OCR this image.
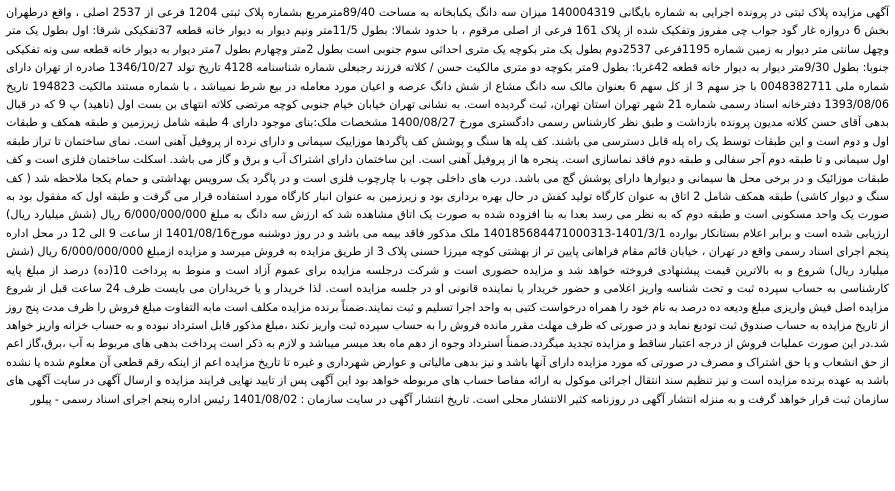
آگهی مزایده پلاک ثبتی در پرونده اجرایی به شماره بایگانی 140004319 میزان سه دانگ یکبابخانه به مساحت 89/40مترمربع بشماره پلاک ثبتی 1204 فرعی از 2537 اصلی ، واقع درطهران بخش 6 دروازه غار گود جواب چی مفروز وتفکیک شده از پلاک 161 فرعی از اصلی مرقوم ، با حدود شمالا: بطول 11/5متر ونیم دیوار به دیوار خانه قطعه 37تفکیکی شرقا: اول بطول یک متر وچهل سانتی متر دیوار به زمین شماره 1195فرعی 2537دوم بطول یک متر بکوچه یک متری احداثی سوم جنوبی است بطول 2متر وچهارم بطول 7متر دیوار به دیوار خانه قطعه سی ونه تفکیکی جنوبا: بطول 9/30متر دیوار به دیوار خانه قطعه 42غربا: بطول 9متر بکوچه دو متری مالکیت حسن / کلاته فرزند رجبعلی شماره شناسنامه 4128 تاریخ تولد 1346/10/27 صادره از تهران دارای شماره ملی 0048382711 با جز سهم 3 از کل سهم 6 بعنوان مالک سه دانگ مشاع از شش دانگ عرصه و اعیان مورد معامله در بیع شرط نمیباشد ، با شماره مستند مالکیت 194823 تاریخ 1393/08/06 دفترخانه اسناد رسمی شماره 21 شهر تهران استان تهران، ثبت گردیده است. به نشانی تهران خیابان خیام جنوبی کوچه مرتضی کلاته انتهای بن بست اول (ناهید) پ 9 که در قبال بدهی آقای حسن کلاته مدیون پرونده بازداشت و طبق نظر کارشناس رسمی دادگستری مورخ 1400/08/27 مشخصات ملک:بنای موجود دارای 4 طبقه شامل زیرزمین و طبقه همکف و طبقات اول و دوم است و این طبقات توسط یک راه پله قابل دسترسی می باشند. کف پله ها سنگ و پوشش کف پاگردها موزاییک سیمانی و دارای نرده از پروفیل آهنی است. نمای ساختمان تا تراز طبقه اول سیمانی و تا طبقه دوم آجر سفالی و طبقه دوم فاقد نماسازی است. پنجره ها از پروفیل آهنی است. این ساختمان دارای اشتراک آب و برق و گاز می باشد. اسکلت ساختمان فلزی است و کف طبقات موزائیک و در برخی محل ها سیمانی و دیوارها دارای پوشش گچ می باشد. درب های داخلی چوب با چارچوب فلزی است و در پاگرد یک سرویس بهداشتی و حمام یکجا ملاحظه شد ( کف سنگ و دیوار کاشی) طبقه همکف شامل 2 اتاق به عنوان کارگاه تولید کفش در حال بهره برداری بود و زیرزمین به عنوان انبار کارگاه مورد استفاده قرار می گرفت و طبقه اول که مفقول بود به صورت یک واحد مسکونی است و طبقه دوم که به نظر می رسد بعدا به بنا افزوده شده به صورت یک اتاق مشاهده شد که ارزش سه دانگ به مبلغ 6/000/000/000 ریال (شش میلیارد ریال) ارزیابی شده است و برابر اعلام بستانکار بوارده 1401/3/1-140185684471000313 ملک مذکور فاقد بیمه می باشد و در روز دوشنبه مورخ1401/08/16 از ساعت 9 الی 12 در محل اداره پنجم اجرای اسناد رسمی واقع در تهران ، خیابان قائم مقام فراهانی پایین تر از بهشتی کوچه میرزا حسنی پلاک 3 از طریق مزایده به فروش میرسد و مزایده ازمبلغ 6/000/000/000 ریال (شش میلیارد ریال) شروع و به بالاترین قیمت پیشنهادی فروخته خواهد شد و مزایده حضوری است و شرکت درجلسه مزایده برای عموم آزاد است و منوط به پرداخت 10(ده) درصد از مبلغ پایه کارشناسی به حساب سپرده ثبت و تحت شناسه واریز اعلامی و حضور خریدار یا نماینده قانونی او در جلسه مزایده است. لذا خریدار و یا خریداران می بایست ظرف 24 ساعت قبل از شروع مزایده اصل فیش واریزی مبلغ ودیعه ده درصد به نام خود را همراه درخواست کتبی به واحد اجرا تسلیم و ثبت نمایند.ضمناً برنده مزایده مکلف است مابه التفاوت مبلغ فروش را ظرف مدت پنج روز از تاریخ مزایده به حساب صندوق ثبت تودیع نماید و در صورتی که ظرف مهلت مقرر مانده فروش را به حساب سپرده ثبت واریز نکند ،مبلغ مذکور قابل استرداد نبوده و به حساب خزانه واریز خواهد شد.در این صورت عملیات فروش از درجه اعتبار ساقط و مزایده تجدید میگردد.ضمناً استرداد وجوه از دهم ماه بعد میسر میباشد و لازم به ذکر است پرداخت بدهی های مربوط به آب ،برق،گاز اعم از حق انشعاب و یا حق اشتراک و مصرف در صورتی که مورد مزایده دارای آنها باشد و نیز بدهی مالیاتی و عوارض شهرداری و غیره تا تاریخ مزایده اعم از اینکه رقم قطعی آن معلوم شده یا نشده باشد به عهده برنده مزایده است و نیز تنظیم سند انتقال اجرائی موکول به ارائه مفاصا حساب های مربوطه خواهد بود این آگهی پس از تایید نهایی فرایند مزایده و ارسال آگهی در سایت آگهی های سازمان ثبت قرار خواهد گرفت و به منزله انتشار آگهی در روزنامه کثیر الانتشار محلی است. تاریخ انتشار آگهی در سایت سازمان : 1401/08/02 رئیس اداره پنجم اجرای اسناد رسمی - پیلور
